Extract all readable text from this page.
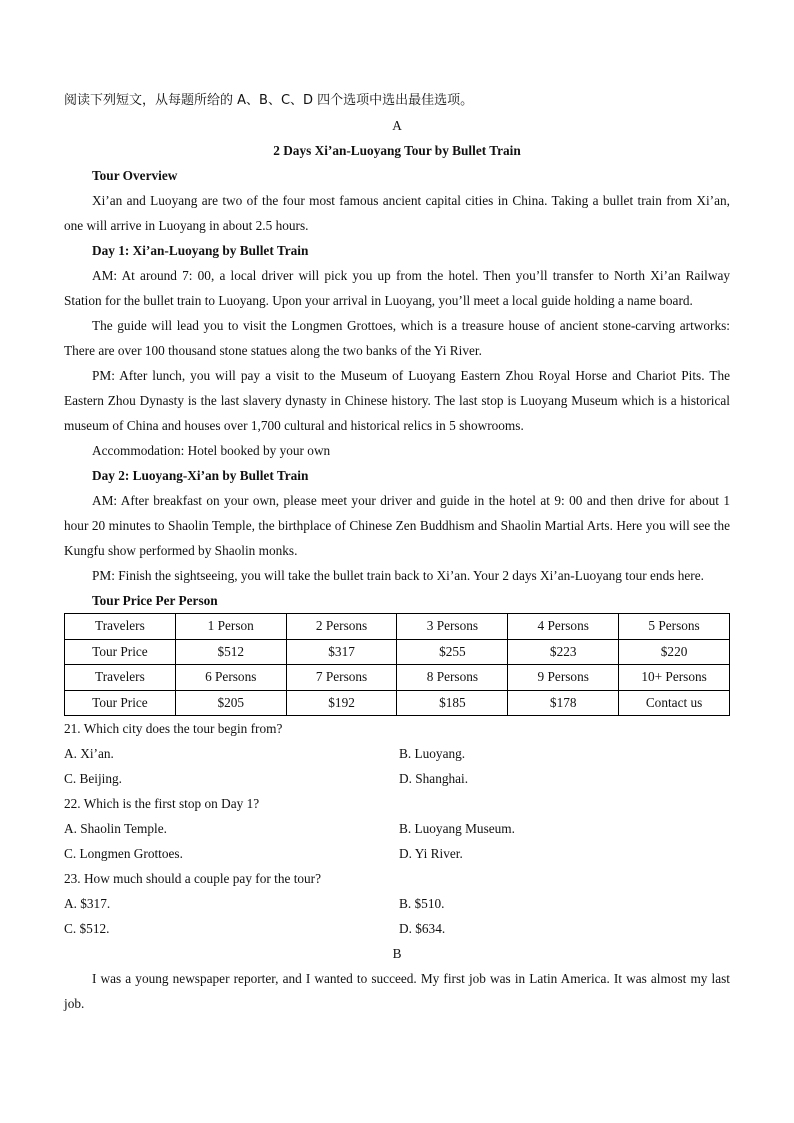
阅读下列短文，从每题所给的 A、B、C、D 四个选项中选出最佳选项。
A
2 Days Xi’an-Luoyang Tour by Bullet Train
Tour Overview
Xi’an and Luoyang are two of the four most famous ancient capital cities in China. Taking a bullet train from Xi’an, one will arrive in Luoyang in about 2.5 hours.
Day 1: Xi’an-Luoyang by Bullet Train
AM: At around 7: 00, a local driver will pick you up from the hotel. Then you’ll transfer to North Xi’an Railway Station for the bullet train to Luoyang. Upon your arrival in Luoyang, you’ll meet a local guide holding a name board.
The guide will lead you to visit the Longmen Grottoes, which is a treasure house of ancient stone-carving artworks: There are over 100 thousand stone statues along the two banks of the Yi River.
PM: After lunch, you will pay a visit to the Museum of Luoyang Eastern Zhou Royal Horse and Chariot Pits. The Eastern Zhou Dynasty is the last slavery dynasty in Chinese history. The last stop is Luoyang Museum which is a historical museum of China and houses over 1,700 cultural and historical relics in 5 showrooms.
Accommodation: Hotel booked by your own
Day 2: Luoyang-Xi’an by Bullet Train
AM: After breakfast on your own, please meet your driver and guide in the hotel at 9: 00 and then drive for about 1 hour 20 minutes to Shaolin Temple, the birthplace of Chinese Zen Buddhism and Shaolin Martial Arts. Here you will see the Kungfu show performed by Shaolin monks.
PM: Finish the sightseeing, you will take the bullet train back to Xi’an. Your 2 days Xi’an-Luoyang tour ends here.
Tour Price Per Person
Travelers	1 Person	2 Persons	3 Persons	4 Persons	5 Persons
Tour Price	$512	$317	$255	$223	$220
Travelers	6 Persons	7 Persons	8 Persons	9 Persons	10+ Persons
Tour Price	$205	$192	$185	$178	Contact us
21. Which city does the tour begin from?
A. Xi’an.	B. Luoyang.
C. Beijing.	D. Shanghai.
22. Which is the first stop on Day 1?
A. Shaolin Temple.	B. Luoyang Museum.
C. Longmen Grottoes.	D. Yi River.
23. How much should a couple pay for the tour?
A. $317.	B. $510.
C. $512.	D. $634.
B
I was a young newspaper reporter, and I wanted to succeed. My first job was in Latin America. It was almost my last job.
